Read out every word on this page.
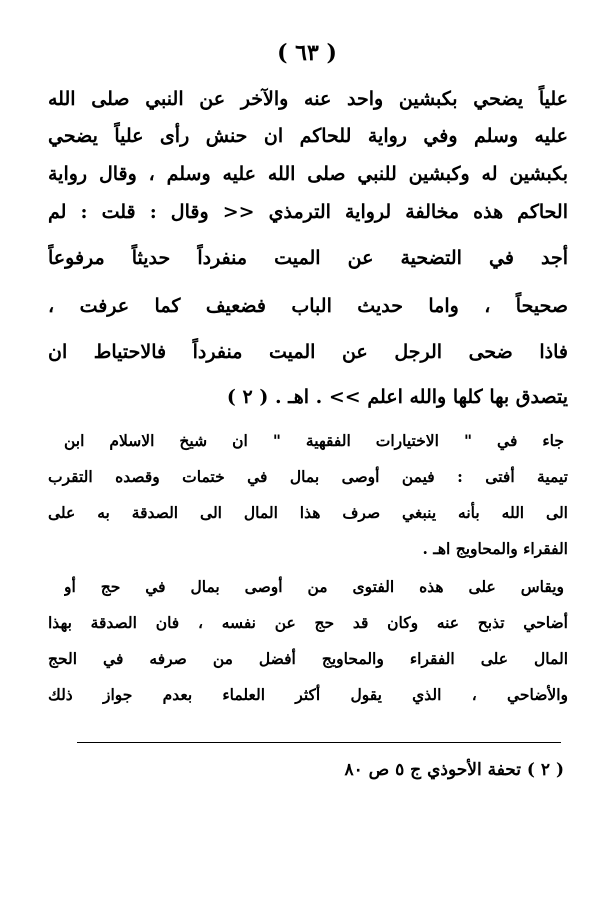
( ٦٣ )
علياً يضحي بكبشين واحد عنه والآخر عن النبي صلى الله
عليه وسلم وفي رواية للحاكم ان حنش رأى علياً يضحي
بكبشين له وكبشين للنبي صلى الله عليه وسلم ، وقال رواية
الحاكم هذه مخالفة لرواية الترمذي << وقال : قلت : لم
أجد في التضحية عن الميت منفرداً حديثاً مرفوعاً
صحيحاً ، واما حديث الباب فضعيف كما عرفت ،
فاذا ضحى الرجل عن الميت منفرداً فالاحتياط ان
يتصدق بها كلها والله اعلم >> . اهـ . ( ٢ )
جاء في " الاختيارات الفقهية " ان شيخ الاسلام ابن
تيمية أفتى : فيمن أوصى بمال في ختمات وقصده التقرب
الى الله بأنه ينبغي صرف هذا المال الى الصدقة به على
الفقراء والمحاويج اهـ .
ويقاس على هذه الفتوى من أوصى بمال في حج أو
أضاحي تذبح عنه وكان قد حج عن نفسه ، فان الصدقة بهذا
المال على الفقراء والمحاويج أفضل من صرفه في الحج
والأضاحي ، الذي يقول أكثر العلماء بعدم جواز ذلك
( ٢ ) تحفة الأحوذي ج ٥ ص ٨٠
